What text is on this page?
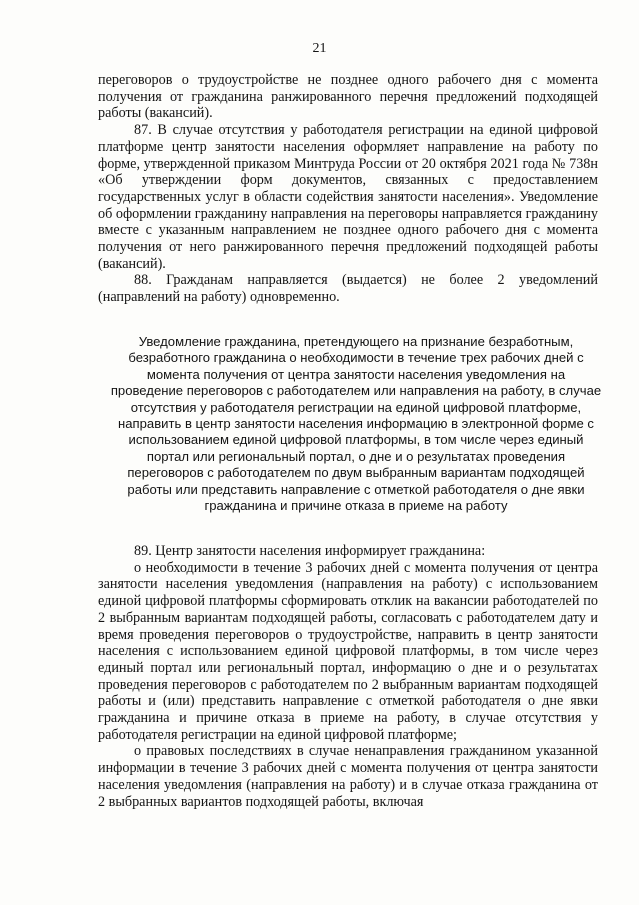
21

переговоров о трудоустройстве не позднее одного рабочего дня с момента получения от гражданина ранжированного перечня предложений подходящей работы (вакансий).

87. В случае отсутствия у работодателя регистрации на единой цифровой платформе центр занятости населения оформляет направление на работу по форме, утвержденной приказом Минтруда России от 20 октября 2021 года № 738н «Об утверждении форм документов, связанных с предоставлением государственных услуг в области содействия занятости населения». Уведомление об оформлении гражданину направления на переговоры направляется гражданину вместе с указанным направлением не позднее одного рабочего дня с момента получения от него ранжированного перечня предложений подходящей работы (вакансий).

88. Гражданам направляется (выдается) не более 2 уведомлений (направлений на работу) одновременно.

Уведомление гражданина, претендующего на признание безработным, безработного гражданина о необходимости в течение трех рабочих дней с момента получения от центра занятости населения уведомления на проведение переговоров с работодателем или направления на работу, в случае отсутствия у работодателя регистрации на единой цифровой платформе, направить в центр занятости населения информацию в электронной форме с использованием единой цифровой платформы, в том числе через единый портал или региональный портал, о дне и о результатах проведения переговоров с работодателем по двум выбранным вариантам подходящей работы или представить направление с отметкой работодателя о дне явки гражданина и причине отказа в приеме на работу

89. Центр занятости населения информирует гражданина:

о необходимости в течение 3 рабочих дней с момента получения от центра занятости населения уведомления (направления на работу) с использованием единой цифровой платформы сформировать отклик на вакансии работодателей по 2 выбранным вариантам подходящей работы, согласовать с работодателем дату и время проведения переговоров о трудоустройстве, направить в центр занятости населения с использованием единой цифровой платформы, в том числе через единый портал или региональный портал, информацию о дне и о результатах проведения переговоров с работодателем по 2 выбранным вариантам подходящей работы и (или) представить направление с отметкой работодателя о дне явки гражданина и причине отказа в приеме на работу, в случае отсутствия у работодателя регистрации на единой цифровой платформе;

о правовых последствиях в случае ненаправления гражданином указанной информации в течение 3 рабочих дней с момента получения от центра занятости населения уведомления (направления на работу) и в случае отказа гражданина от 2 выбранных вариантов подходящей работы, включая
